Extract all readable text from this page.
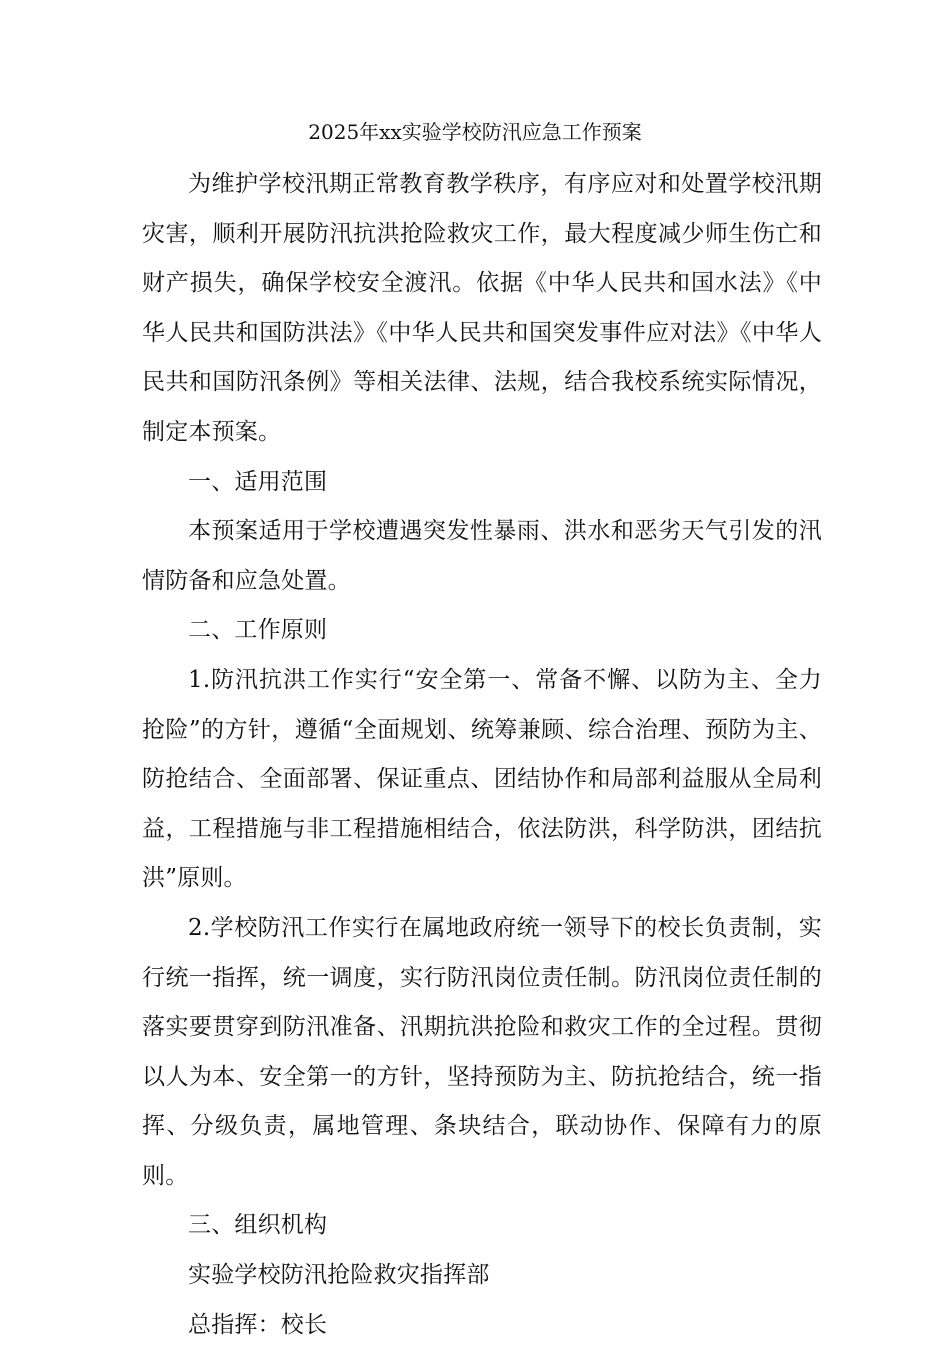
2025年xx实验学校防汛应急工作预案

为维护学校汛期正常教育教学秩序，有序应对和处置学校汛期灾害，顺利开展防汛抗洪抢险救灾工作，最大程度减少师生伤亡和财产损失，确保学校安全渡汛。依据《中华人民共和国水法》《中华人民共和国防洪法》《中华人民共和国突发事件应对法》《中华人民共和国防汛条例》等相关法律、法规，结合我校系统实际情况，制定本预案。

一、适用范围

本预案适用于学校遭遇突发性暴雨、洪水和恶劣天气引发的汛情防备和应急处置。

二、工作原则

1.防汛抗洪工作实行“安全第一、常备不懈、以防为主、全力抢险”的方针，遵循“全面规划、统筹兼顾、综合治理、预防为主、防抢结合、全面部署、保证重点、团结协作和局部利益服从全局利益，工程措施与非工程措施相结合，依法防洪，科学防洪，团结抗洪”原则。

2.学校防汛工作实行在属地政府统一领导下的校长负责制，实行统一指挥，统一调度，实行防汛岗位责任制。防汛岗位责任制的落实要贯穿到防汛准备、汛期抗洪抢险和救灾工作的全过程。贯彻以人为本、安全第一的方针，坚持预防为主、防抗抢结合，统一指挥、分级负责，属地管理、条块结合，联动协作、保障有力的原则。

三、组织机构

实验学校防汛抢险救灾指挥部

总指挥：校长
